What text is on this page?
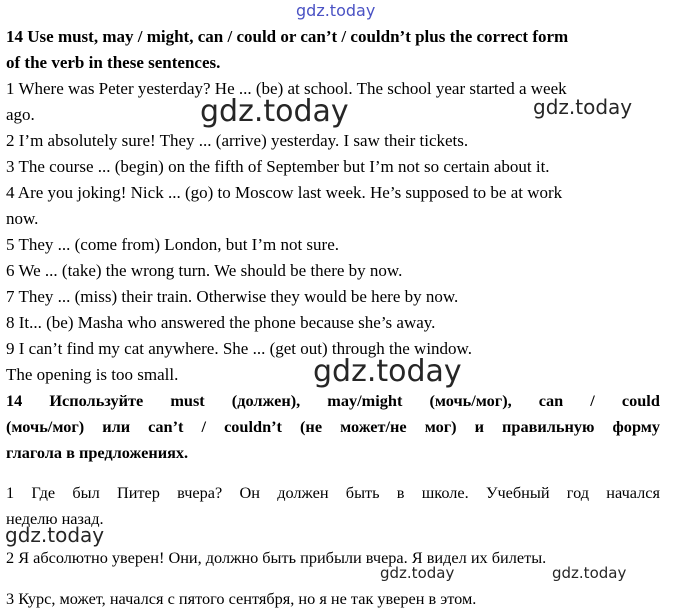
gdz.today
14 Use must, may / might, can / could or can’t / couldn’t plus the correct form
of the verb in these sentences.
1 Where was Peter yesterday? He ... (be) at school. The school year started a week
ago.
2 I’m absolutely sure! They ... (arrive) yesterday. I saw their tickets.
3 The course ... (begin) on the fifth of September but I’m not so certain about it.
4 Are you joking! Nick ... (go) to Moscow last week. He’s supposed to be at work
now.
5 They ... (come from) London, but I’m not sure.
6 We ... (take) the wrong turn. We should be there by now.
7 They ... (miss) their train. Otherwise they would be here by now.
8 It... (be) Masha who answered the phone because she’s away.
9 I can’t find my cat anywhere. She ... (get out) through the window.
The opening is too small.
14 Используйте must (должен), may/might (мочь/мог), can / could
(мочь/мог) или can’t / couldn’t (не может/не мог) и правильную форму
глагола в предложениях.
1 Где был Питер вчера? Он должен быть в школе. Учебный год начался
неделю назад.
2 Я абсолютно уверен! Они, должно быть прибыли вчера. Я видел их билеты.
3 Курс, может, начался с пятого сентября, но я не так уверен в этом.
gdz.today	gdz.today
gdz.today
gdz.today
gdz.today	gdz.today
